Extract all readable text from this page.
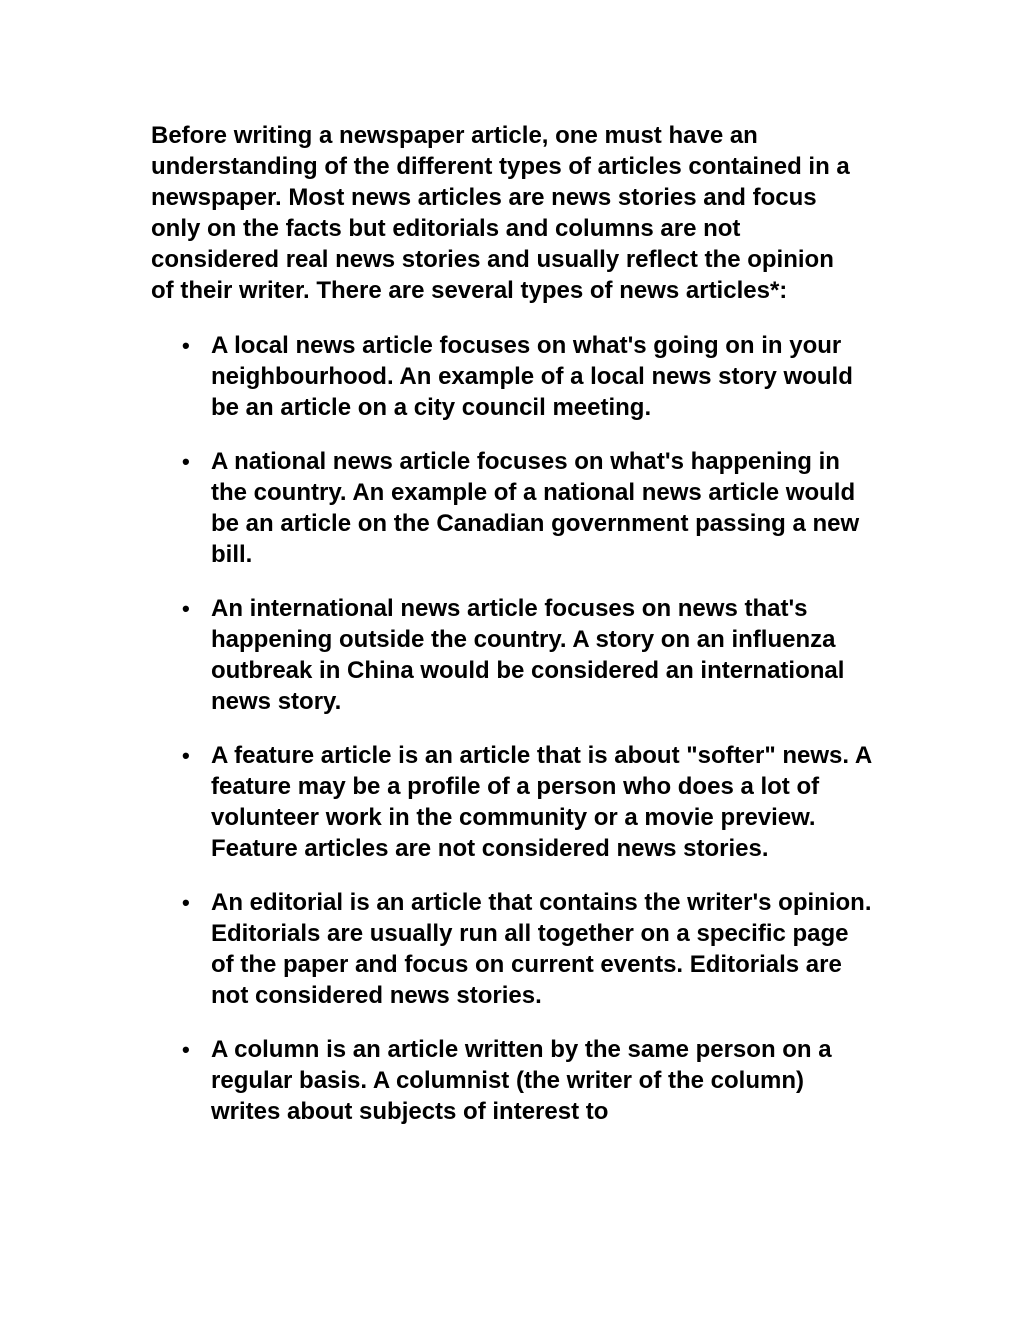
Before writing a newspaper article, one must have an understanding of the different types of articles contained in a newspaper. Most news articles are news stories and focus only on the facts but editorials and columns are not considered real news stories and usually reflect the opinion of their writer. There are several types of news articles*:

• A local news article focuses on what's going on in your neighbourhood. An example of a local news story would be an article on a city council meeting.
• A national news article focuses on what's happening in the country. An example of a national news article would be an article on the Canadian government passing a new bill.
• An international news article focuses on news that's happening outside the country. A story on an influenza outbreak in China would be considered an international news story.
• A feature article is an article that is about "softer" news. A feature may be a profile of a person who does a lot of volunteer work in the community or a movie preview. Feature articles are not considered news stories.
• An editorial is an article that contains the writer's opinion. Editorials are usually run all together on a specific page of the paper and focus on current events. Editorials are not considered news stories.
• A column is an article written by the same person on a regular basis. A columnist (the writer of the column) writes about subjects of interest to
